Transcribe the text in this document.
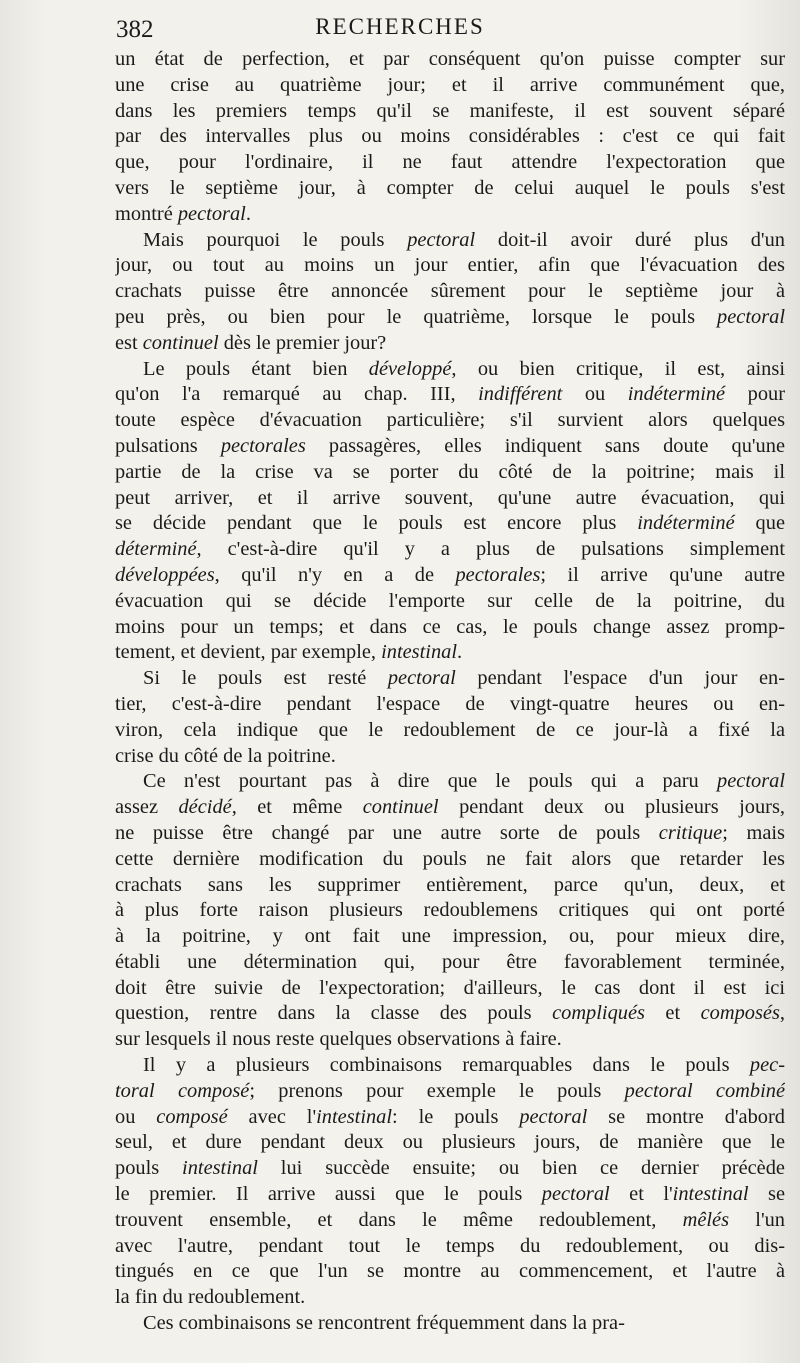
382	RECHERCHES
un état de perfection, et par conséquent qu'on puisse compter sur
une crise au quatrième jour; et il arrive communément que,
dans les premiers temps qu'il se manifeste, il est souvent séparé
par des intervalles plus ou moins considérables : c'est ce qui fait
que, pour l'ordinaire, il ne faut attendre l'expectoration que
vers le septième jour, à compter de celui auquel le pouls s'est
montré pectoral.
Mais pourquoi le pouls pectoral doit-il avoir duré plus d'un
jour, ou tout au moins un jour entier, afin que l'évacuation des
crachats puisse être annoncée sûrement pour le septième jour à
peu près, ou bien pour le quatrième, lorsque le pouls pectoral
est continuel dès le premier jour?
Le pouls étant bien développé, ou bien critique, il est, ainsi
qu'on l'a remarqué au chap. III, indifférent ou indéterminé pour
toute espèce d'évacuation particulière; s'il survient alors quelques
pulsations pectorales passagères, elles indiquent sans doute qu'une
partie de la crise va se porter du côté de la poitrine; mais il
peut arriver, et il arrive souvent, qu'une autre évacuation, qui
se décide pendant que le pouls est encore plus indéterminé que
déterminé, c'est-à-dire qu'il y a plus de pulsations simplement
développées, qu'il n'y en a de pectorales; il arrive qu'une autre
évacuation qui se décide l'emporte sur celle de la poitrine, du
moins pour un temps; et dans ce cas, le pouls change assez promp-
tement, et devient, par exemple, intestinal.
Si le pouls est resté pectoral pendant l'espace d'un jour en-
tier, c'est-à-dire pendant l'espace de vingt-quatre heures ou en-
viron, cela indique que le redoublement de ce jour-là a fixé la
crise du côté de la poitrine.
Ce n'est pourtant pas à dire que le pouls qui a paru pectoral
assez décidé, et même continuel pendant deux ou plusieurs jours,
ne puisse être changé par une autre sorte de pouls critique; mais
cette dernière modification du pouls ne fait alors que retarder les
crachats sans les supprimer entièrement, parce qu'un, deux, et
à plus forte raison plusieurs redoublemens critiques qui ont porté
à la poitrine, y ont fait une impression, ou, pour mieux dire,
établi une détermination qui, pour être favorablement terminée,
doit être suivie de l'expectoration; d'ailleurs, le cas dont il est ici
question, rentre dans la classe des pouls compliqués et composés,
sur lesquels il nous reste quelques observations à faire.
Il y a plusieurs combinaisons remarquables dans le pouls pec-
toral composé; prenons pour exemple le pouls pectoral combiné
ou composé avec l'intestinal: le pouls pectoral se montre d'abord
seul, et dure pendant deux ou plusieurs jours, de manière que le
pouls intestinal lui succède ensuite; ou bien ce dernier précède
le premier. Il arrive aussi que le pouls pectoral et l'intestinal se
trouvent ensemble, et dans le même redoublement, mêlés l'un
avec l'autre, pendant tout le temps du redoublement, ou dis-
tingués en ce que l'un se montre au commencement, et l'autre à
la fin du redoublement.
Ces combinaisons se rencontrent fréquemment dans la pra-
